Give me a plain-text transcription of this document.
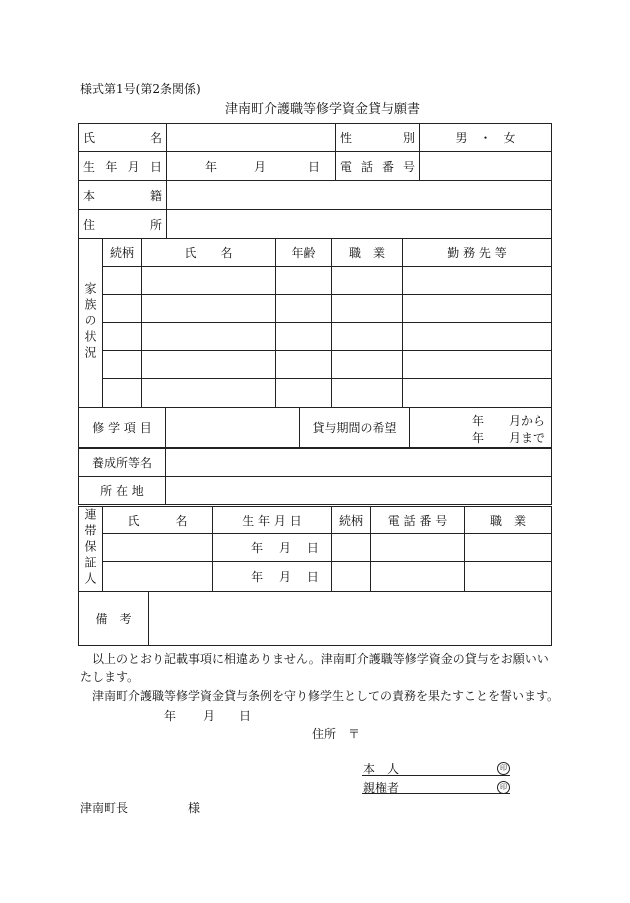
様式第1号(第2条関係)
津南町介護職等修学資金貸与願書
氏　　　名		性　　　別	男　・　女
生 年 月 日	年 月 日	電 話 番 号	
本　　　籍	
住　　　所	
家族の状況	続柄	氏　　名	年齢	職　業	勤 務 先 等

修 学 項 目		貸与期間の希望	年 月から
年 月まで
養成所等名	
所 在 地	
連帯保証人	氏　　　名	生 年 月 日	続柄	電 話 番 号	職　業
		年　 月　 日			
		年　 月　 日			
備　考	
以上のとおり記載事項に相違ありません。津南町介護職等修学資金の貸与をお願いい
たします。
津南町介護職等修学資金貸与条例を守り修学生としての責務を果たすことを誓います。
年 月 日
住所　〒
本　人	印
親権者	印
津南町長	様
